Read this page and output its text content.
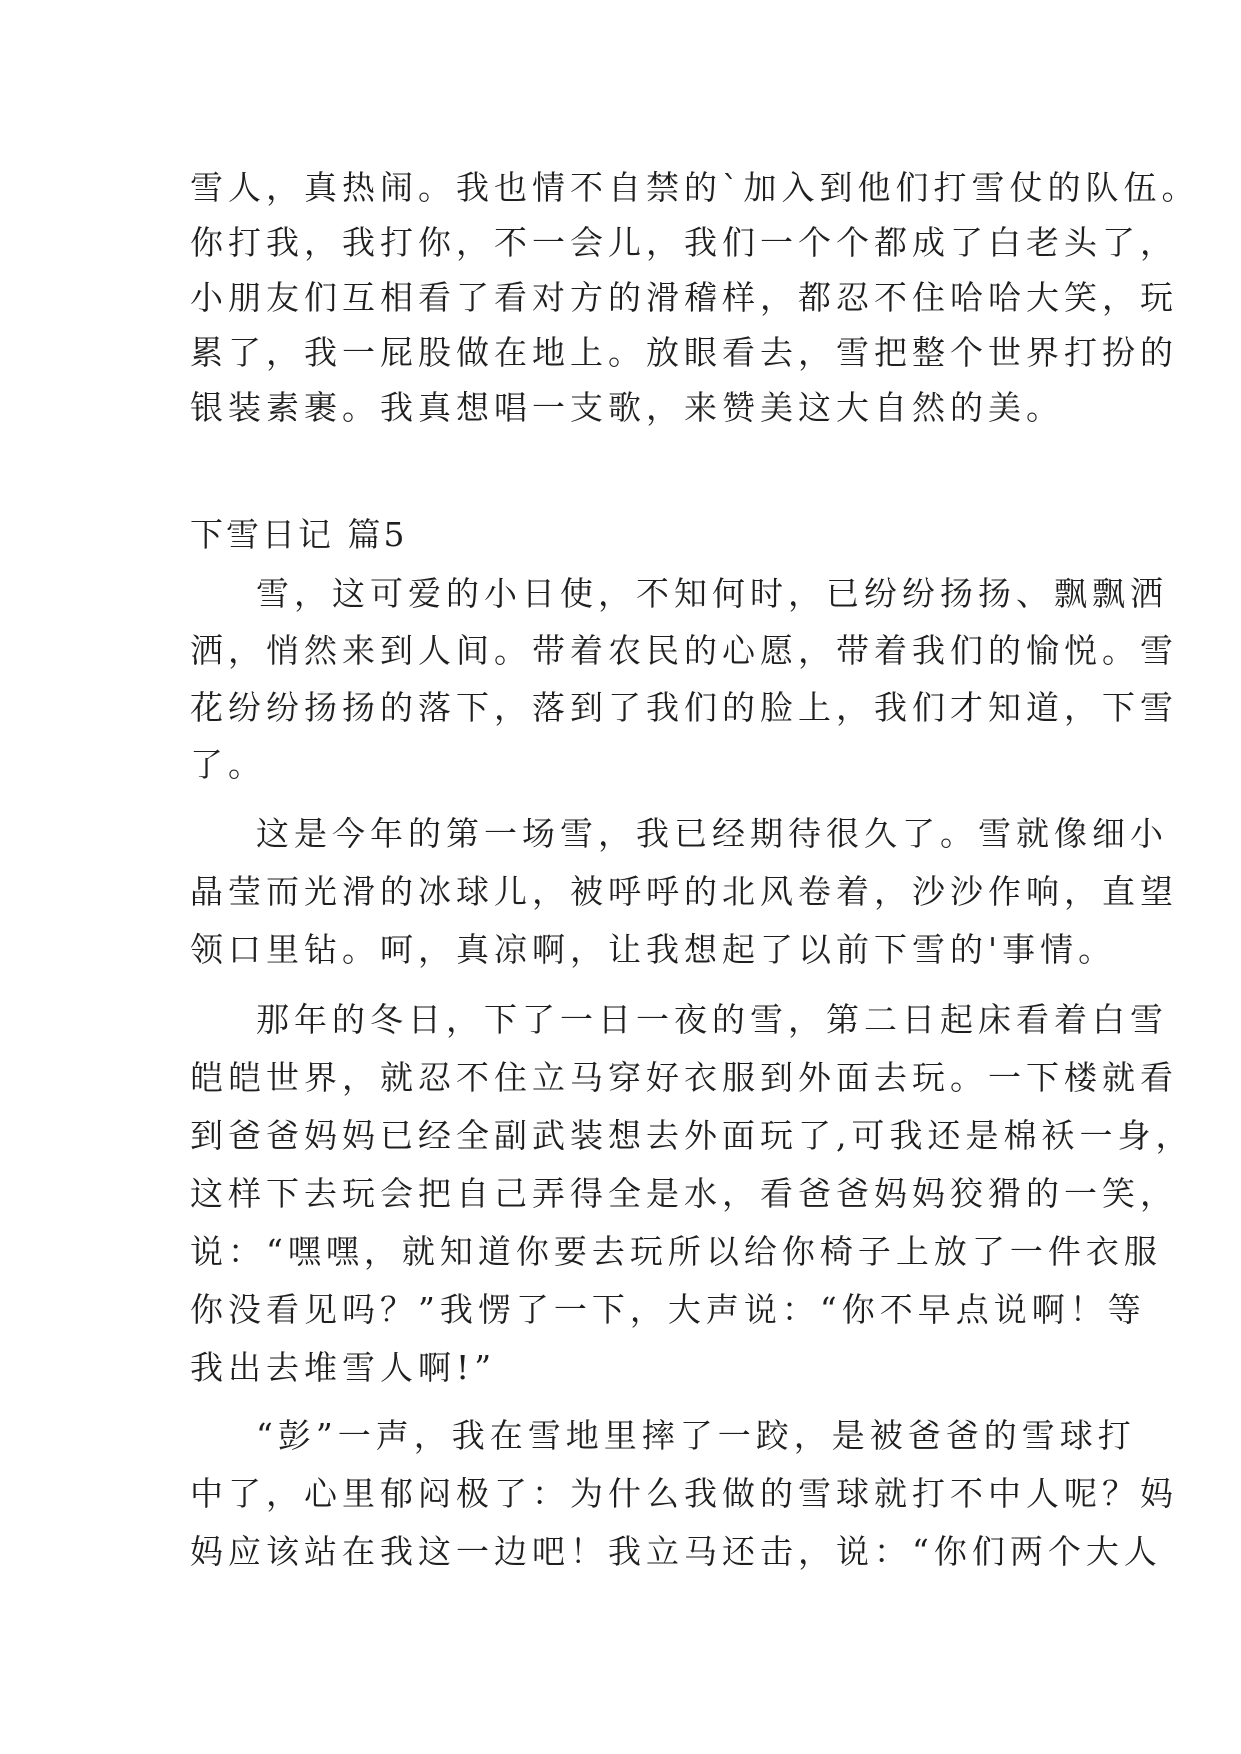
雪人，真热闹。我也情不自禁的`加入到他们打雪仗的队伍。
你打我，我打你，不一会儿，我们一个个都成了白老头了，
小朋友们互相看了看对方的滑稽样，都忍不住哈哈大笑，玩
累了，我一屁股做在地上。放眼看去，雪把整个世界打扮的
银装素裹。我真想唱一支歌，来赞美这大自然的美。
下雪日记 篇5
雪，这可爱的小日使，不知何时，已纷纷扬扬、飘飘洒
洒，悄然来到人间。带着农民的心愿，带着我们的愉悦。雪
花纷纷扬扬的落下，落到了我们的脸上，我们才知道，下雪
了。
这是今年的第一场雪，我已经期待很久了。雪就像细小
晶莹而光滑的冰球儿，被呼呼的北风卷着，沙沙作响，直望
领口里钻。呵，真凉啊，让我想起了以前下雪的'事情。
那年的冬日，下了一日一夜的雪，第二日起床看着白雪
皑皑世界，就忍不住立马穿好衣服到外面去玩。一下楼就看
到爸爸妈妈已经全副武装想去外面玩了,可我还是棉袄一身，
这样下去玩会把自己弄得全是水，看爸爸妈妈狡猾的一笑，
说：“嘿嘿，就知道你要去玩所以给你椅子上放了一件衣服
你没看见吗？”我愣了一下，大声说：“你不早点说啊！等
我出去堆雪人啊!”
“彭”一声，我在雪地里摔了一跤，是被爸爸的雪球打
中了，心里郁闷极了：为什么我做的雪球就打不中人呢？妈
妈应该站在我这一边吧！我立马还击，说：“你们两个大人
